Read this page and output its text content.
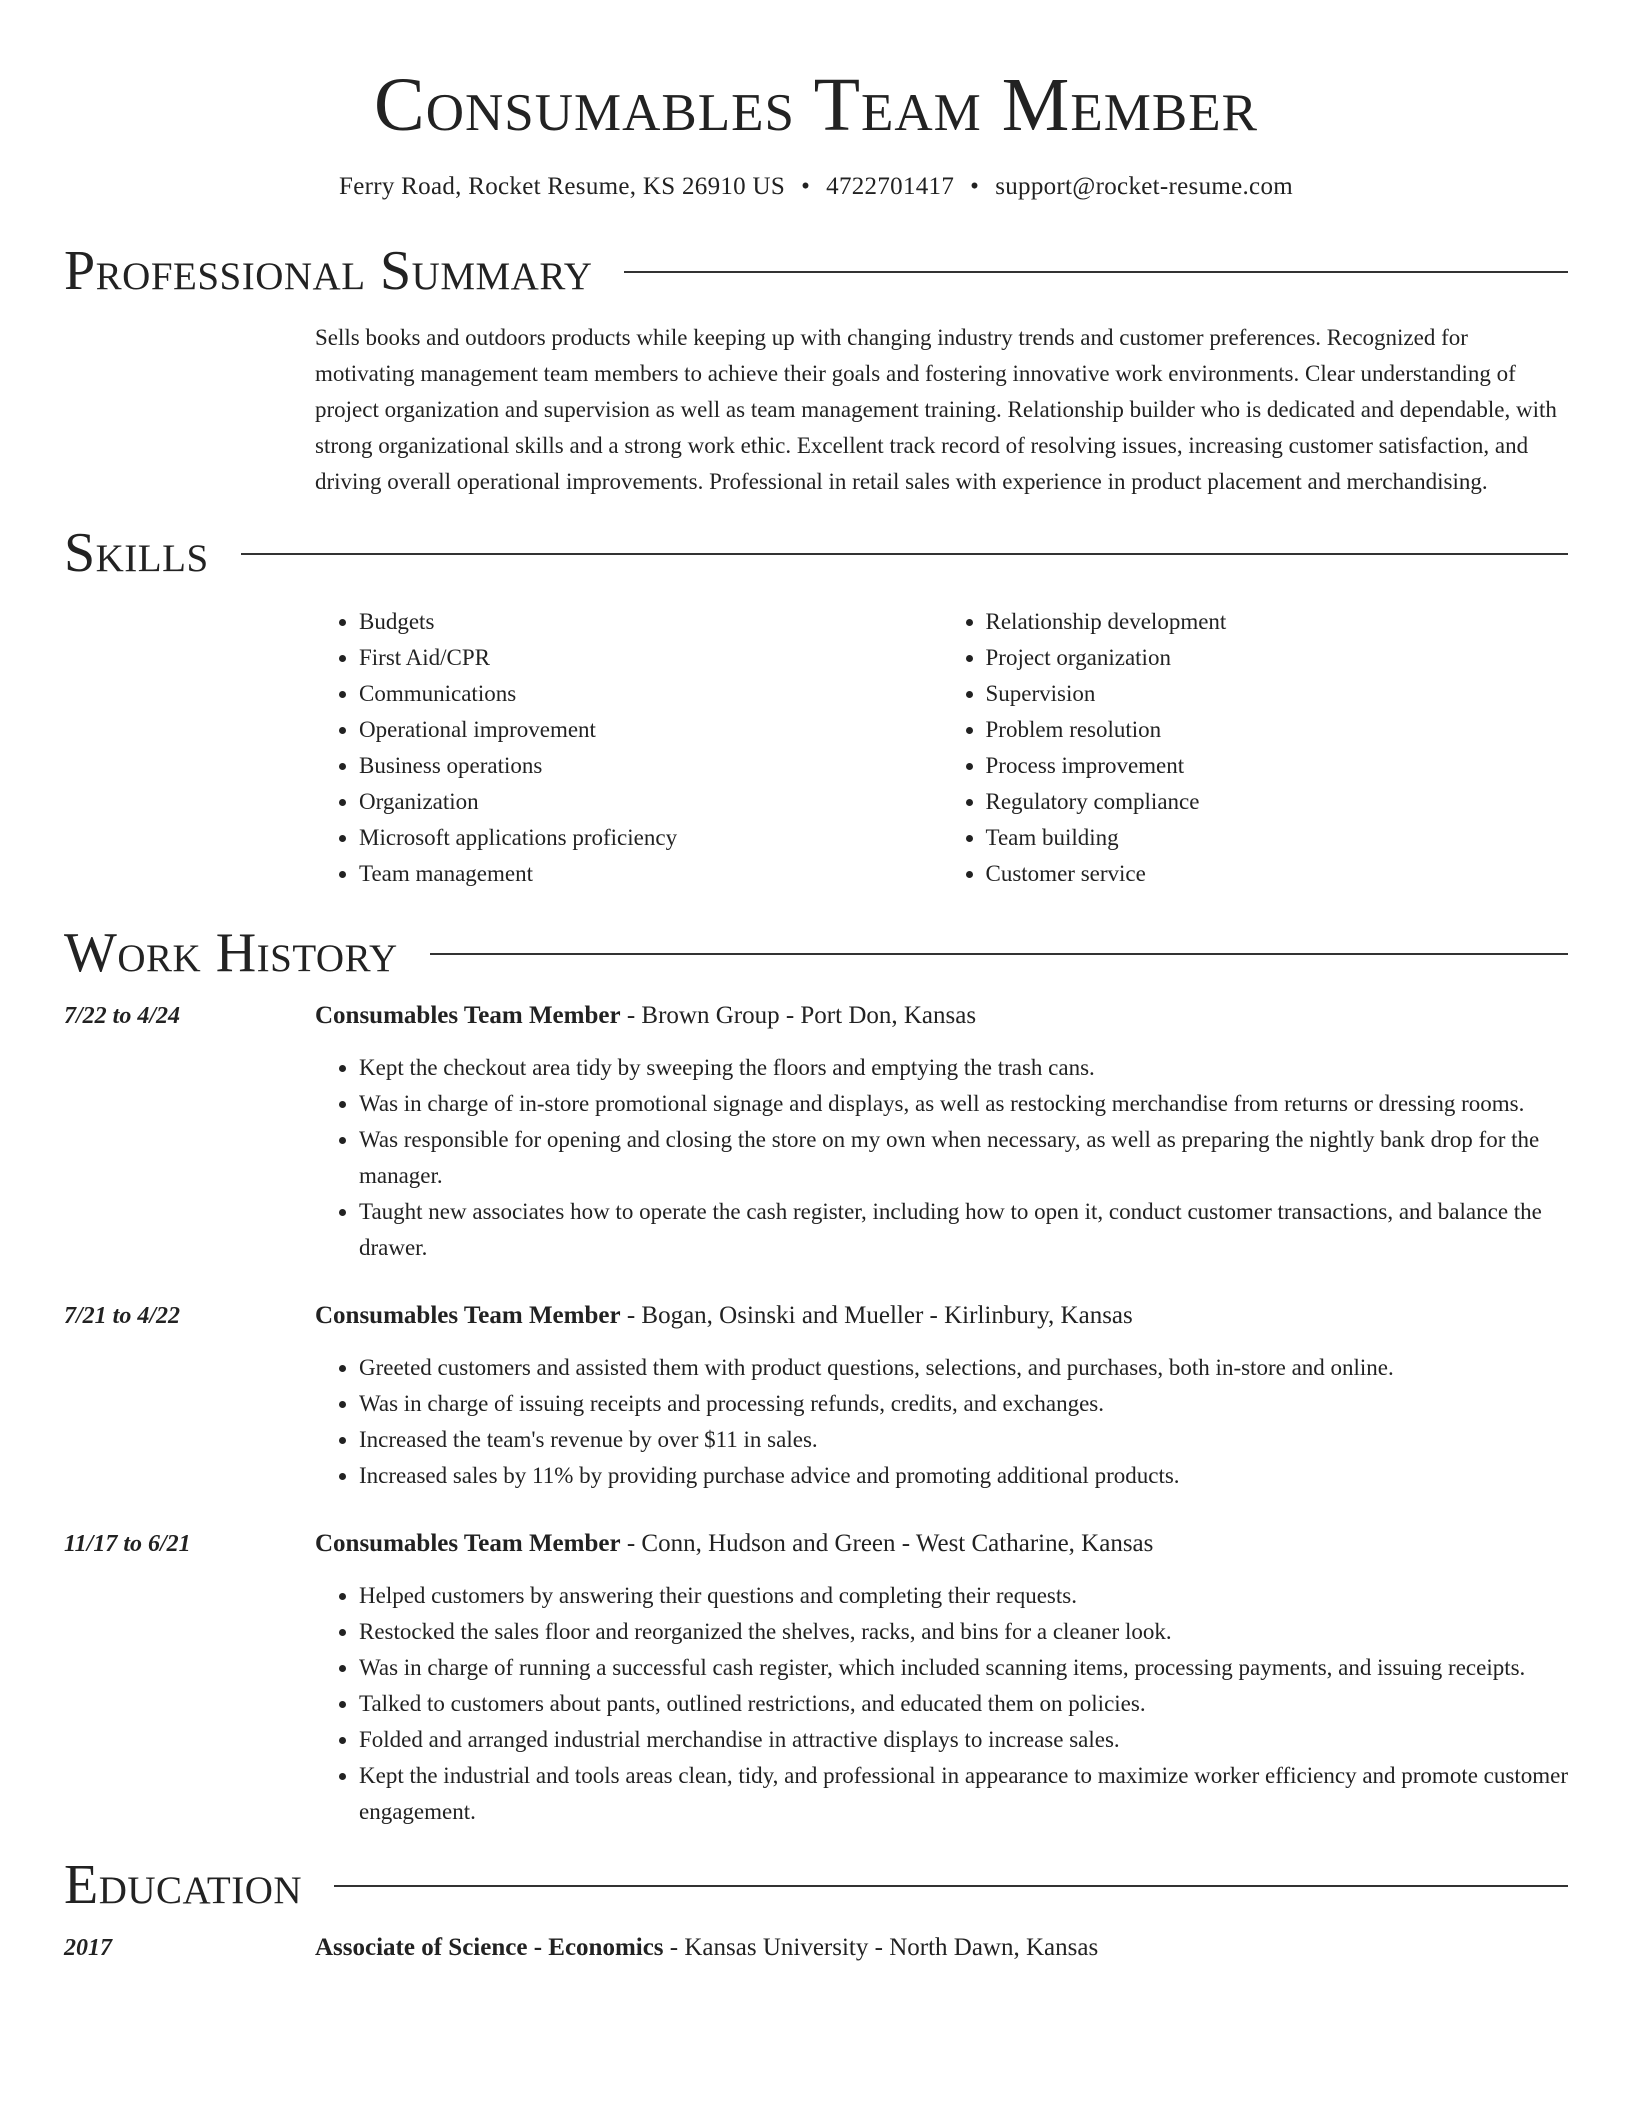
Consumables Team Member
Ferry Road, Rocket Resume, KS 26910 US • 4722701417 • support@rocket-resume.com
Professional Summary
Sells books and outdoors products while keeping up with changing industry trends and customer preferences. Recognized for motivating management team members to achieve their goals and fostering innovative work environments. Clear understanding of project organization and supervision as well as team management training. Relationship builder who is dedicated and dependable, with strong organizational skills and a strong work ethic. Excellent track record of resolving issues, increasing customer satisfaction, and driving overall operational improvements. Professional in retail sales with experience in product placement and merchandising.
Skills
• Budgets
• First Aid/CPR
• Communications
• Operational improvement
• Business operations
• Organization
• Microsoft applications proficiency
• Team management
• Relationship development
• Project organization
• Supervision
• Problem resolution
• Process improvement
• Regulatory compliance
• Team building
• Customer service
Work History
7/22 to 4/24	Consumables Team Member - Brown Group - Port Don, Kansas
• Kept the checkout area tidy by sweeping the floors and emptying the trash cans.
• Was in charge of in-store promotional signage and displays, as well as restocking merchandise from returns or dressing rooms.
• Was responsible for opening and closing the store on my own when necessary, as well as preparing the nightly bank drop for the manager.
• Taught new associates how to operate the cash register, including how to open it, conduct customer transactions, and balance the drawer.
7/21 to 4/22	Consumables Team Member - Bogan, Osinski and Mueller - Kirlinbury, Kansas
• Greeted customers and assisted them with product questions, selections, and purchases, both in-store and online.
• Was in charge of issuing receipts and processing refunds, credits, and exchanges.
• Increased the team's revenue by over $11 in sales.
• Increased sales by 11% by providing purchase advice and promoting additional products.
11/17 to 6/21	Consumables Team Member - Conn, Hudson and Green - West Catharine, Kansas
• Helped customers by answering their questions and completing their requests.
• Restocked the sales floor and reorganized the shelves, racks, and bins for a cleaner look.
• Was in charge of running a successful cash register, which included scanning items, processing payments, and issuing receipts.
• Talked to customers about pants, outlined restrictions, and educated them on policies.
• Folded and arranged industrial merchandise in attractive displays to increase sales.
• Kept the industrial and tools areas clean, tidy, and professional in appearance to maximize worker efficiency and promote customer engagement.
Education
2017	Associate of Science - Economics - Kansas University - North Dawn, Kansas
